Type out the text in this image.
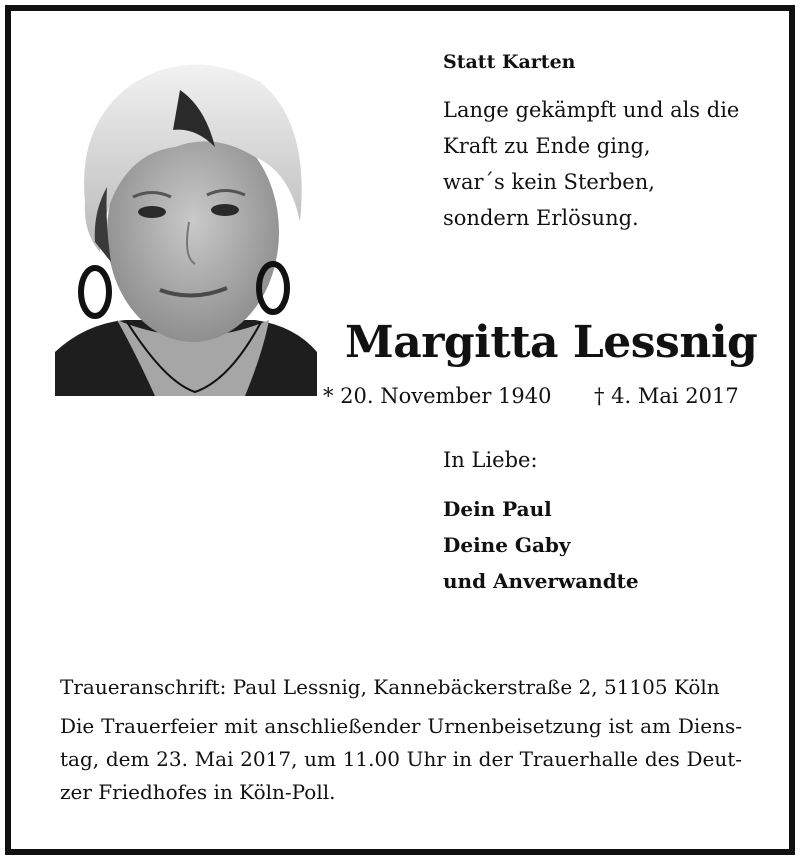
Statt Karten
Lange gekämpft und als die
Kraft zu Ende ging,
war´s kein Sterben,
sondern Erlösung.
Margitta Lessnig
* 20. November 1940 † 4. Mai 2017
In Liebe:
Dein Paul
Deine Gaby
und Anverwandte
Traueranschrift: Paul Lessnig, Kannebäckerstraße 2, 51105 Köln
Die Trauerfeier mit anschließender Urnenbeisetzung ist am Diens-
tag, dem 23. Mai 2017, um 11.00 Uhr in der Trauerhalle des Deut-
zer Friedhofes in Köln-Poll.
